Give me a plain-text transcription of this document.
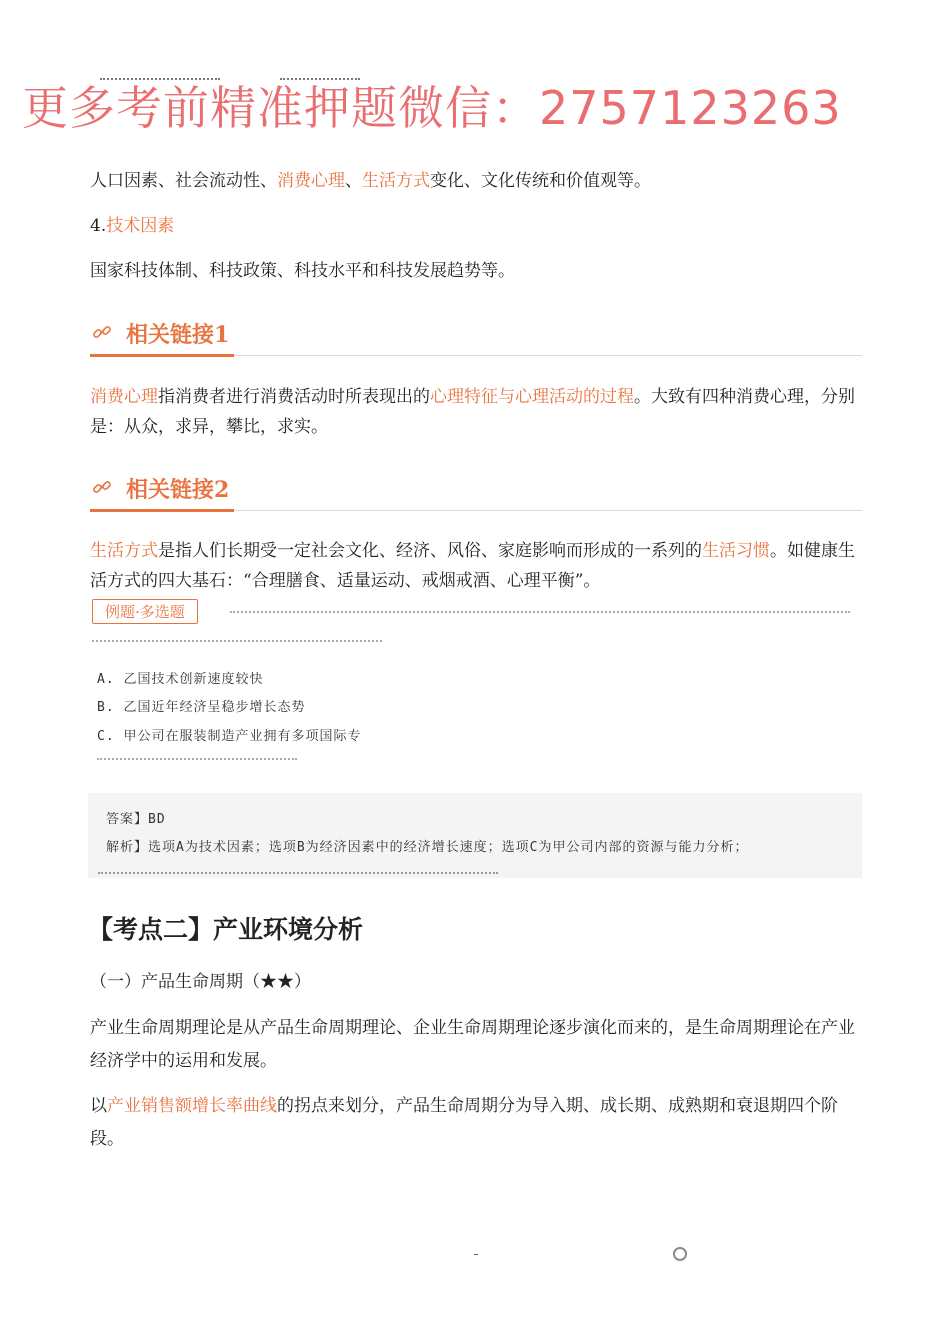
更多考前精准押题微信：2757123263
人口因素、社会流动性、消费心理、生活方式变化、文化传统和价值观等。
4.技术因素
国家科技体制、科技政策、科技水平和科技发展趋势等。
相关链接1
消费心理指消费者进行消费活动时所表现出的心理特征与心理活动的过程。大致有四种消费心理，分别是：从众，求异，攀比，求实。
相关链接2
生活方式是指人们长期受一定社会文化、经济、风俗、家庭影响而形成的一系列的生活习惯。如健康生活方式的四大基石：“合理膳食、适量运动、戒烟戒酒、心理平衡”。
例题·多选题
A. 乙国技术创新速度较快
B. 乙国近年经济呈稳步增长态势
C. 甲公司在服装制造产业拥有多项国际专
答案】BD
解析】选项A为技术因素；选项B为经济因素中的经济增长速度；选项C为甲公司内部的资源与能力分析；
【考点二】产业环境分析
（一）产品生命周期（★★）
产业生命周期理论是从产品生命周期理论、企业生命周期理论逐步演化而来的，是生命周期理论在产业经济学中的运用和发展。
以产业销售额增长率曲线的拐点来划分，产品生命周期分为导入期、成长期、成熟期和衰退期四个阶段。
